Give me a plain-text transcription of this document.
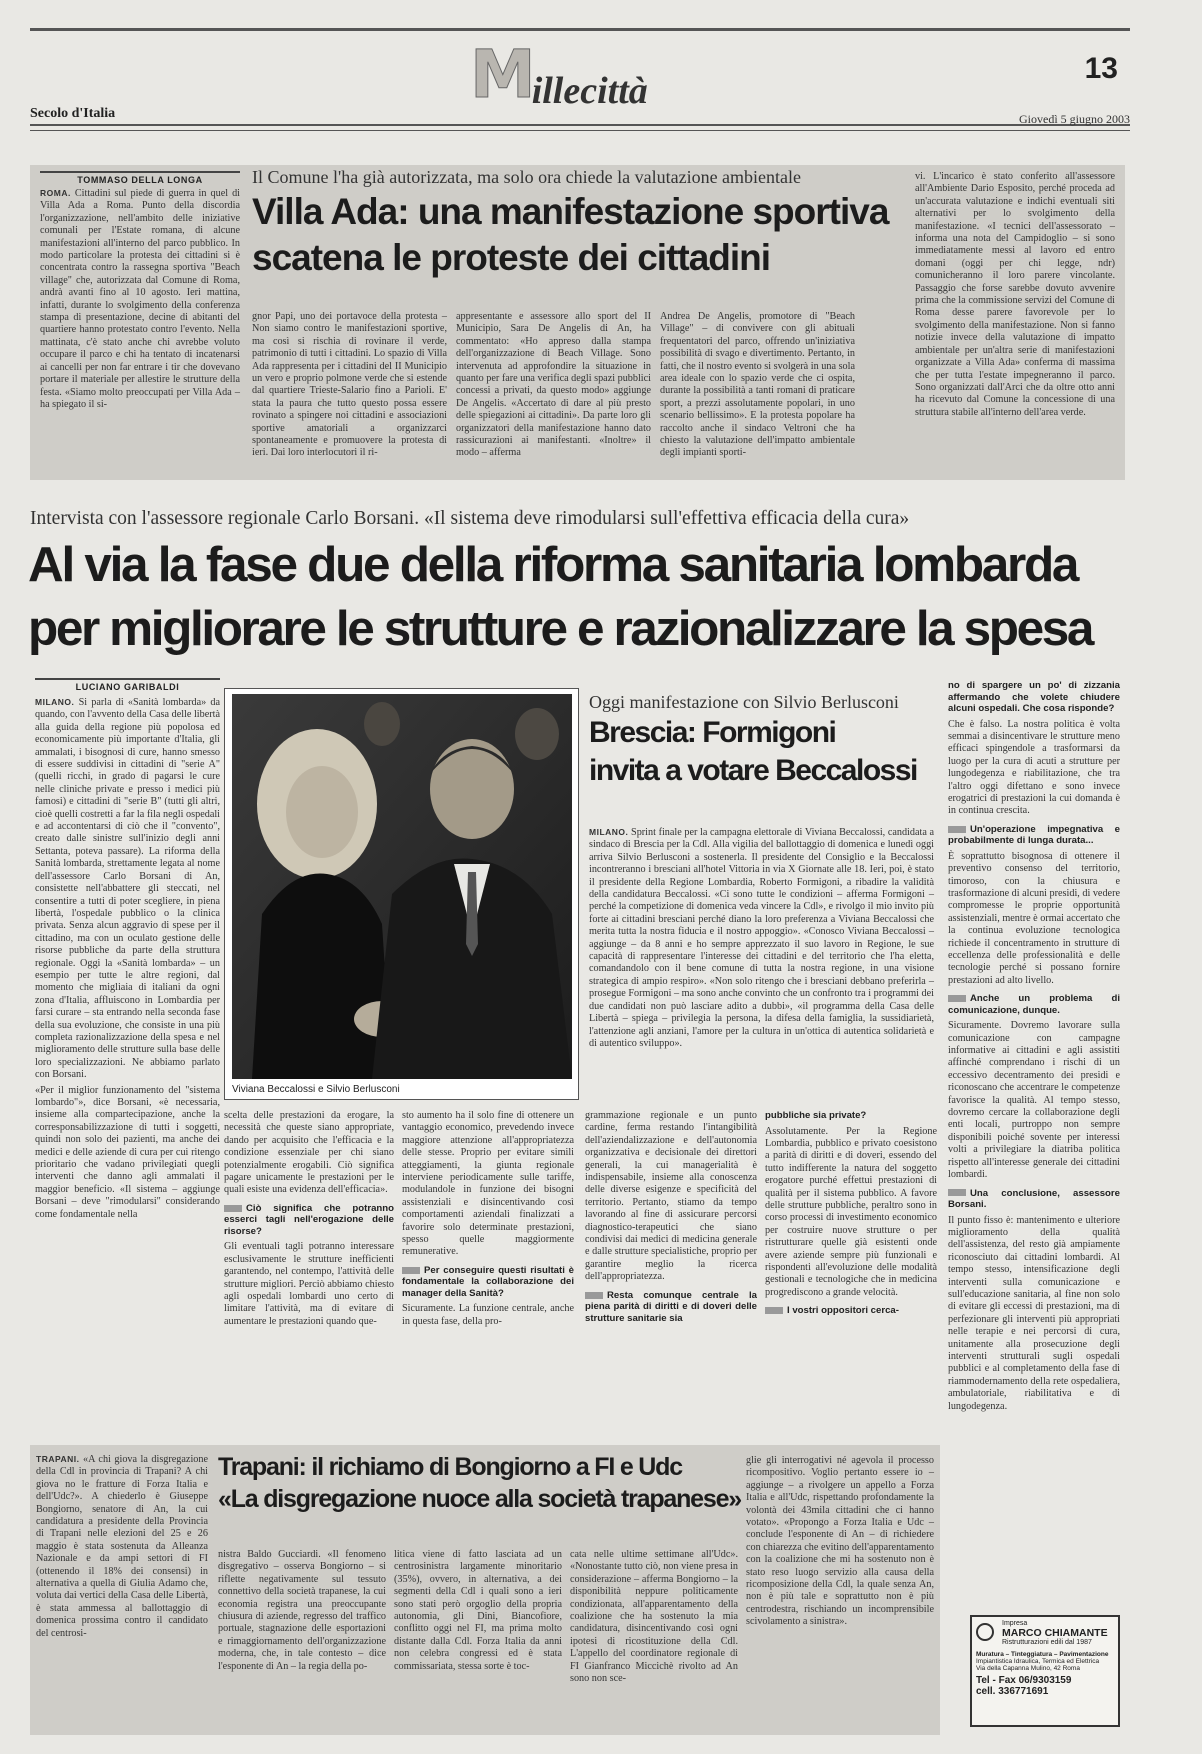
Millecittà
13
Secolo d'Italia	Giovedì 5 giugno 2003
TOMMASO DELLA LONGA	Il Comune l'ha già autorizzata, ma solo ora chiede la valutazione ambientale
Villa Ada: una manifestazione sportiva
scatena le proteste dei cittadini
ROMA. Cittadini sul piede di guerra in quel di Villa Ada a Roma. Punto della discordia l'organizzazione, nell'ambito delle iniziative comunali per l'Estate romana, di alcune manifestazioni all'interno del parco pubblico. In modo particolare la protesta dei cittadini si è concentrata contro la rassegna sportiva "Beach village" che, autorizzata dal Comune di Roma, andrà avanti fino al 10 agosto. Ieri mattina, infatti, durante lo svolgimento della conferenza stampa di presentazione, decine di abitanti del quartiere hanno protestato contro l'evento. Nella mattinata, c'è stato anche chi avrebbe voluto occupare il parco e chi ha tentato di incatenarsi ai cancelli per non far entrare i tir che dovevano portare il materiale per allestire le strutture della festa. «Siamo molto preoccupati per Villa Ada – ha spiegato il si-
gnor Papi, uno dei portavoce della protesta – Non siamo contro le manifestazioni sportive, ma così si rischia di rovinare il verde, patrimonio di tutti i cittadini. Lo spazio di Villa Ada rappresenta per i cittadini del II Municipio un vero e proprio polmone verde che si estende dal quartiere Trieste-Salario fino a Parioli. E' stata la paura che tutto questo possa essere rovinato a spingere noi cittadini e associazioni sportive amatoriali a organizzarci spontaneamente e promuovere la protesta di ieri. Dai loro interlocutori il ri-
appresentante e assessore allo sport del II Municipio, Sara De Angelis di An, ha commentato: «Ho appreso dalla stampa dell'organizzazione di Beach Village. Sono intervenuta ad approfondire la situazione in quanto per fare una verifica degli spazi pubblici concessi a privati, da questo modo» aggiunge De Angelis. «Accertato di dare al più presto delle spiegazioni ai cittadini». Da parte loro gli organizzatori della manifestazione hanno dato rassicurazioni ai manifestanti. «Inoltre» il modo – afferma
Andrea De Angelis, promotore di "Beach Village" – di convivere con gli abituali frequentatori del parco, offrendo un'iniziativa possibilità di svago e divertimento. Pertanto, in fatti, che il nostro evento si svolgerà in una sola area ideale con lo spazio verde che ci ospita, durante la possibilità a tanti romani di praticare sport, a prezzi assolutamente popolari, in uno scenario bellissimo». E la protesta popolare ha raccolto anche il sindaco Veltroni che ha chiesto la valutazione dell'impatto ambientale degli impianti sporti-
vi. L'incarico è stato conferito all'assessore all'Ambiente Dario Esposito, perché proceda ad un'accurata valutazione e indichi eventuali siti alternativi per lo svolgimento della manifestazione. «I tecnici dell'assessorato – informa una nota del Campidoglio – si sono immediatamente messi al lavoro ed entro domani (oggi per chi legge, ndr) comunicheranno il loro parere vincolante. Passaggio che forse sarebbe dovuto avvenire prima che la commissione servizi del Comune di Roma desse parere favorevole per lo svolgimento della manifestazione. Non si fanno notizie invece della valutazione di impatto ambientale per un'altra serie di manifestazioni organizzate a Villa Ada» conferma di massima che per tutta l'estate impegneranno il parco. Sono organizzati dall'Arci che da oltre otto anni ha ricevuto dal Comune la concessione di una struttura stabile all'interno dell'area verde.
Intervista con l'assessore regionale Carlo Borsani. «Il sistema deve rimodularsi sull'effettiva efficacia della cura»
Al via la fase due della riforma sanitaria lombarda
per migliorare le strutture e razionalizzare la spesa
LUCIANO GARIBALDI
MILANO. Si parla di «Sanità lombarda» da quando, con l'avvento della Casa delle libertà alla guida della regione più popolosa ed economicamente più importante d'Italia, gli ammalati, i bisognosi di cure, hanno smesso di essere suddivisi in cittadini di "serie A" (quelli ricchi, in grado di pagarsi le cure nelle cliniche private e presso i medici più famosi) e cittadini di "serie B" (tutti gli altri, cioè quelli costretti a far la fila negli ospedali e ad accontentarsi di ciò che il "convento", creato dalle sinistre sull'inizio degli anni Settanta, poteva passare). La riforma della Sanità lombarda, strettamente legata al nome dell'assessore Carlo Borsani di An, consistette nell'abbattere gli steccati, nel consentire a tutti di poter scegliere, in piena libertà, l'ospedale pubblico o la clinica privata. Senza alcun aggravio di spese per il cittadino, ma con un oculato gestione delle risorse pubbliche da parte della struttura regionale. Oggi la «Sanità lombarda» – un esempio per tutte le altre regioni, dal momento che migliaia di italiani da ogni zona d'Italia, affluiscono in Lombardia per farsi curare – sta entrando nella seconda fase della sua evoluzione, che consiste in una più completa razionalizzazione della spesa e nel miglioramento delle strutture sulla base delle loro specializzazioni. Ne abbiamo parlato con Borsani.

«Per il miglior funzionamento del "sistema lombardo"», dice Borsani, «è necessaria, insieme alla compartecipazione, anche la corresponsabilizzazione di tutti i soggetti, quindi non solo dei pazienti, ma anche dei medici e delle aziende di cura per cui ritengo prioritario che vadano privilegiati quegli interventi che danno agli ammalati il maggior beneficio. «Il sistema – aggiunge Borsani – deve "rimodularsi" considerando come fondamentale nella

Viviana Beccalossi e Silvio Berlusconi
Oggi manifestazione con Silvio Berlusconi
Brescia: Formigoni
invita a votare Beccalossi
MILANO. Sprint finale per la campagna elettorale di Viviana Beccalossi, candidata a sindaco di Brescia per la Cdl. Alla vigilia del ballottaggio di domenica e lunedì oggi arriva Silvio Berlusconi a sostenerla. Il presidente del Consiglio e la Beccalossi incontreranno i bresciani all'hotel Vittoria in via X Giornate alle 18. Ieri, poi, è stato il presidente della Regione Lombardia, Roberto Formigoni, a ribadire la validità della candidatura Beccalossi. «Ci sono tutte le condizioni – afferma Formigoni – perché la competizione di domenica veda vincere la Cdl», e rivolgo il mio invito più forte ai cittadini bresciani perché diano la loro preferenza a Viviana Beccalossi che merita tutta la nostra fiducia e il nostro appoggio». «Conosco Viviana Beccalossi – aggiunge – da 8 anni e ho sempre apprezzato il suo lavoro in Regione, le sue capacità di rappresentare l'interesse dei cittadini e del territorio che l'ha eletta, comandandolo con il bene comune di tutta la nostra regione, in una visione strategica di ampio respiro». «Non solo ritengo che i bresciani debbano preferirla – prosegue Formigoni – ma sono anche convinto che un confronto tra i programmi dei due candidati non può lasciare adito a dubbi», «il programma della Casa delle Libertà – spiega – privilegia la persona, la difesa della famiglia, la sussidiarietà, l'attenzione agli anziani, l'amore per la cultura in un'ottica di autentica solidarietà e di autentico sviluppo».

scelta delle prestazioni da erogare, la necessità che queste siano appropriate, dando per acquisito che l'efficacia e la condizione essenziale per chi siano potenzialmente erogabili. Ciò significa pagare unicamente le prestazioni per le quali esiste una evidenza dell'efficacia».

Ciò significa che potranno esserci tagli nell'erogazione delle risorse?

Gli eventuali tagli potranno interessare esclusivamente le strutture inefficienti garantendo, nel contempo, l'attività delle strutture migliori. Perciò abbiamo chiesto agli ospedali lombardi uno certo di limitare l'attività, ma di evitare di aumentare le prestazioni quando que-

sto aumento ha il solo fine di ottenere un vantaggio economico, prevedendo invece maggiore attenzione all'appropriatezza delle stesse. Proprio per evitare simili atteggiamenti, la giunta regionale interviene periodicamente sulle tariffe, modulandole in funzione dei bisogni assistenziali e disincentivando così comportamenti aziendali finalizzati a favorire solo determinate prestazioni, spesso quelle maggiormente remunerative.

Per conseguire questi risultati è fondamentale la collaborazione dei manager della Sanità?

Sicuramente. La funzione centrale, anche in questa fase, della pro-

grammazione regionale e un punto cardine, ferma restando l'intangibilità dell'aziendalizzazione e dell'autonomia organizzativa e decisionale dei direttori generali, la cui managerialità è indispensabile, insieme alla conoscenza delle diverse esigenze e specificità del territorio. Pertanto, stiamo da tempo lavorando al fine di assicurare percorsi diagnostico-terapeutici che siano condivisi dai medici di medicina generale e dalle strutture specialistiche, proprio per garantire meglio la ricerca dell'appropriatezza.

Resta comunque centrale la piena parità di diritti e di doveri delle strutture sanitarie sia
pubbliche sia private?

Assolutamente. Per la Regione Lombardia, pubblico e privato coesistono a parità di diritti e di doveri, essendo del tutto indifferente la natura del soggetto erogatore purché effettui prestazioni di qualità per il sistema pubblico. A favore delle strutture pubbliche, peraltro sono in corso processi di investimento economico per costruire nuove strutture o per ristrutturare quelle già esistenti onde avere aziende sempre più funzionali e rispondenti all'evoluzione delle modalità gestionali e tecnologiche che in medicina progrediscono a grande velocità.

I vostri oppositori cerca-
no di spargere un po' di zizzania affermando che volete chiudere alcuni ospedali. Che cosa risponde?

Che è falso. La nostra politica è volta semmai a disincentivare le strutture meno efficaci spingendole a trasformarsi da luogo per la cura di acuti a strutture per lungodegenza e riabilitazione, che tra l'altro oggi difettano e sono invece erogatrici di prestazioni la cui domanda è in continua crescita.

Un'operazione impegnativa e probabilmente di lunga durata...

È soprattutto bisognosa di ottenere il preventivo consenso del territorio, timoroso, con la chiusura e trasformazione di alcuni presidi, di vedere compromesse le proprie opportunità assistenziali, mentre è ormai accertato che la continua evoluzione tecnologica richiede il concentramento in strutture di eccellenza delle professionalità e delle tecnologie perché si possano fornire prestazioni ad alto livello.

Anche un problema di comunicazione, dunque.

Sicuramente. Dovremo lavorare sulla comunicazione con campagne informative ai cittadini e agli assistiti affinché comprendano i rischi di un eccessivo decentramento dei presidi e riconoscano che accentrare le competenze favorisce la qualità. Al tempo stesso, dovremo cercare la collaborazione degli enti locali, purtroppo non sempre disponibili poiché sovente per interessi volti a privilegiare la diatriba politica rispetto all'interesse generale dei cittadini lombardi.

Una conclusione, assessore Borsani.

Il punto fisso è: mantenimento e ulteriore miglioramento della qualità dell'assistenza, del resto già ampiamente riconosciuto dai cittadini lombardi. Al tempo stesso, intensificazione degli interventi sulla comunicazione e sull'educazione sanitaria, al fine non solo di evitare gli eccessi di prestazioni, ma di perfezionare gli interventi più appropriati nelle terapie e nei percorsi di cura, unitamente alla prosecuzione degli interventi strutturali sugli ospedali pubblici e al completamento della fase di riammodernamento della rete ospedaliera, ambulatoriale, riabilitativa e di lungodegenza.

Trapani: il richiamo di Bongiorno a FI e Udc
«La disgregazione nuoce alla società trapanese»
TRAPANI. «A chi giova la disgregazione della Cdl in provincia di Trapani? A chi giova no le fratture di Forza Italia e dell'Udc?». A chiederlo è Giuseppe Bongiorno, senatore di An, la cui candidatura a presidente della Provincia di Trapani nelle elezioni del 25 e 26 maggio è stata sostenuta da Alleanza Nazionale e da ampi settori di FI (ottenendo il 18% dei consensi) in alternativa a quella di Giulia Adamo che, voluta dai vertici della Casa delle Libertà, è stata ammessa al ballottaggio di domenica prossima contro il candidato del centrosi-
nistra Baldo Gucciardi. «Il fenomeno disgregativo – osserva Bongiorno – si riflette negativamente sul tessuto connettivo della società trapanese, la cui economia registra una preoccupante chiusura di aziende, regresso del traffico portuale, stagnazione delle esportazioni e rimaggiornamento dell'organizzazione moderna, che, in tale contesto – dice l'esponente di An – la regia della po-
litica viene di fatto lasciata ad un centrosinistra largamente minoritario (35%), ovvero, in alternativa, a dei segmenti della Cdl i quali sono a ieri sono stati però orgoglio della propria autonomia, gli Dini, Biancofiore, conflitto oggi nel FI, ma prima molto distante dalla Cdl. Forza Italia da anni non celebra congressi ed è stata commissariata, stessa sorte è toc-
cata nelle ultime settimane all'Udc». «Nonostante tutto ciò, non viene presa in considerazione – afferma Bongiorno – la disponibilità neppure politicamente condizionata, all'apparentamento della coalizione che ha sostenuto la mia candidatura, disincentivando così ogni ipotesi di ricostituzione della Cdl. L'appello del coordinatore regionale di FI Gianfranco Miccichè rivolto ad An sono non sce-
glie gli interrogativi né agevola il processo ricompositivo. Voglio pertanto essere io – aggiunge – a rivolgere un appello a Forza Italia e all'Udc, rispettando profondamente la volontà dei 43mila cittadini che ci hanno votato». «Propongo a Forza Italia e Udc – conclude l'esponente di An – di richiedere con chiarezza che evitino dell'apparentamento con la coalizione che mi ha sostenuto non è stato reso luogo servizio alla causa della ricomposizione della Cdl, la quale senza An, non è più tale e soprattutto non è più centrodestra, rischiando un incomprensibile scivolamento a sinistra».	Impresa
MARCO CHIAMANTE
Ristrutturazioni edili dal 1987
Muratura – Tinteggiatura – Pavimentazione
Impiantistica Idraulica, Termica ed Elettrica
Via della Capanna Mulino, 42 Roma
Tel - Fax 06/9303159
cell. 336771691
